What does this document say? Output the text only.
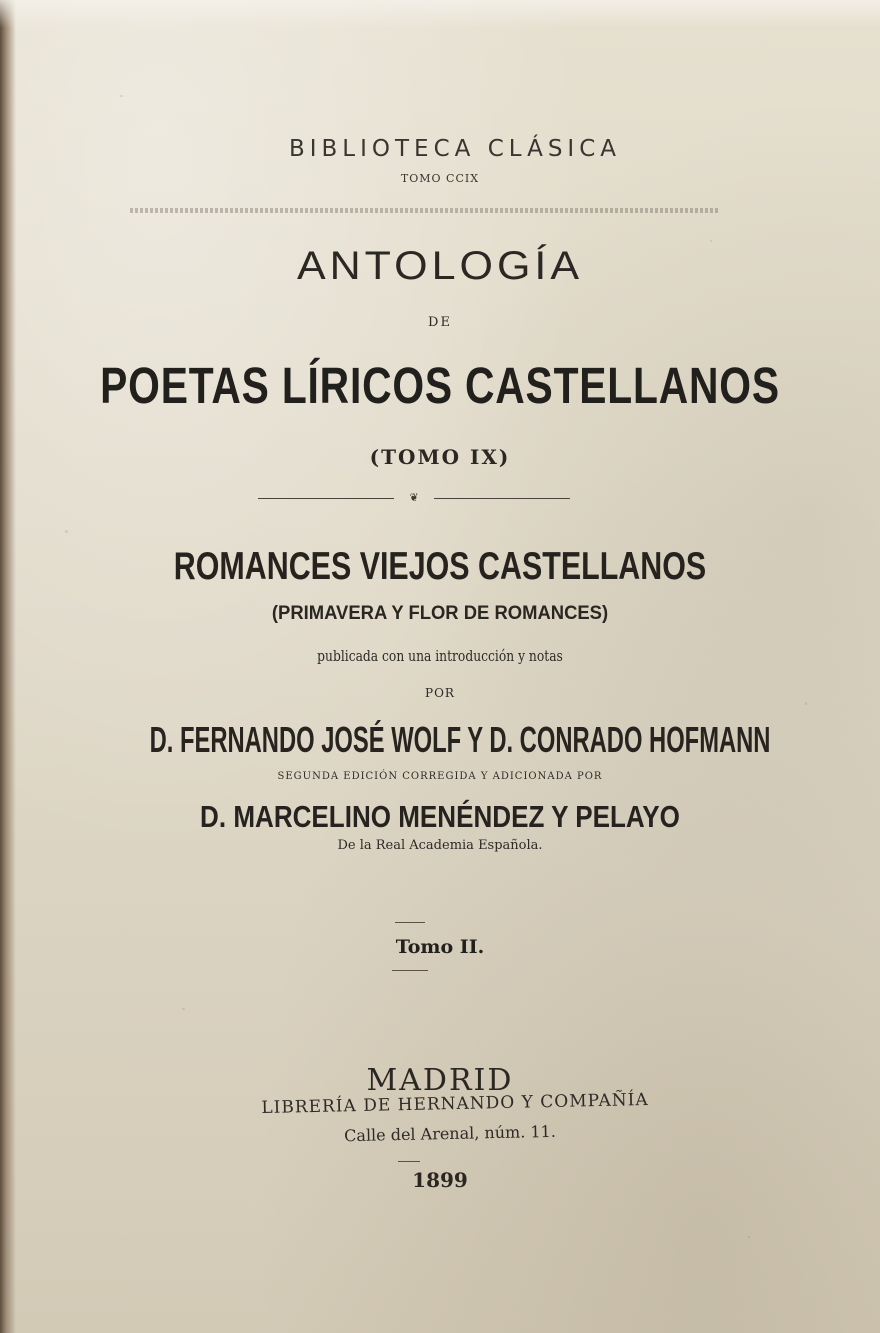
BIBLIOTECA CLÁSICA
TOMO CCIX
ANTOLOGÍA
DE
POETAS LÍRICOS CASTELLANOS
(TOMO IX)
❦
ROMANCES VIEJOS CASTELLANOS
(PRIMAVERA Y FLOR DE ROMANCES)
publicada con una introducción y notas
POR
D. FERNANDO JOSÉ WOLF Y D. CONRADO HOFMANN
SEGUNDA EDICIÓN CORREGIDA Y ADICIONADA POR
D. MARCELINO MENÉNDEZ Y PELAYO
De la Real Academia Española.
Tomo II.
MADRID
LIBRERÍA DE HERNANDO Y COMPAÑÍA
Calle del Arenal, núm. 11.
1899
